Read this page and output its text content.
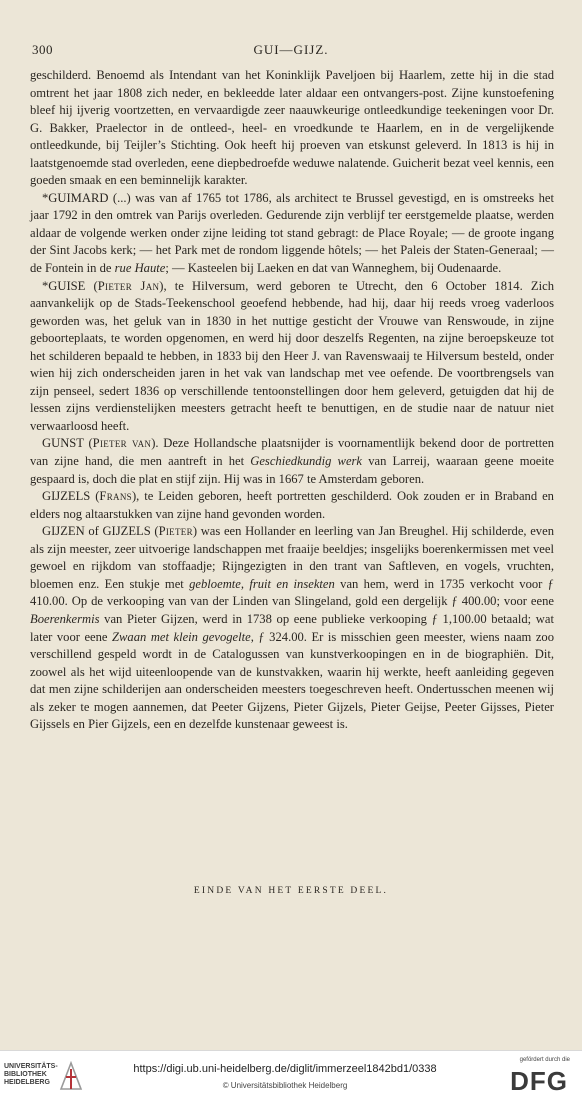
300	GUI—GIJZ.

geschilderd. Benoemd als Intendant van het Koninklijk Paveljoen bij Haarlem, zette hij in die stad omtrent het jaar 1808 zich neder, en bekleedde later aldaar een ontvangers-post. Zijne kunstoefening bleef hij ijverig voortzetten, en vervaardigde zeer naauwkeurige ontleedkundige teekeningen voor Dr. G. Bakker, Praelector in de ontleed-, heel- en vroedkunde te Haarlem, en in de vergelijkende ontleedkunde, bij Teijler’s Stichting. Ook heeft hij proeven van etskunst geleverd. In 1813 is hij in laatstgenoemde stad overleden, eene diepbedroefde weduwe nalatende. Guicherit bezat veel kennis, een goeden smaak en een beminnelijk karakter.

*GUIMARD (...) was van af 1765 tot 1786, als architect te Brussel gevestigd, en is omstreeks het jaar 1792 in den omtrek van Parijs overleden. Gedurende zijn verblijf ter eerstgemelde plaatse, werden aldaar de volgende werken onder zijne leiding tot stand gebragt: de Place Royale; — de groote ingang der Sint Jacobs kerk; — het Park met de rondom liggende hôtels; — het Paleis der Staten-Generaal; — de Fontein in de rue Haute; — Kasteelen bij Laeken en dat van Wanneghem, bij Oudenaarde.

*GUISE (Pieter Jan), te Hilversum, werd geboren te Utrecht, den 6 October 1814. Zich aanvankelijk op de Stads-Teekenschool geoefend hebbende, had hij, daar hij reeds vroeg vaderloos geworden was, het geluk van in 1830 in het nuttige gesticht der Vrouwe van Renswoude, in zijne geboorteplaats, te worden opgenomen, en werd hij door deszelfs Regenten, na zijne beroepskeuze tot het schilderen bepaald te hebben, in 1833 bij den Heer J. van Ravenswaaij te Hilversum besteld, onder wien hij zich onderscheiden jaren in het vak van landschap met vee oefende. De voortbrengsels van zijn penseel, sedert 1836 op verschillende tentoonstellingen door hem geleverd, getuigden dat hij de lessen zijns verdienstelijken meesters getracht heeft te benuttigen, en de studie naar de natuur niet verwaarloosd heeft.

GUNST (Pieter van). Deze Hollandsche plaatsnijder is voornamentlijk bekend door de portretten van zijne hand, die men aantreft in het Geschiedkundig werk van Larreij, waaraan geene moeite gespaard is, doch die plat en stijf zijn. Hij was in 1667 te Amsterdam geboren.

GIJZELS (Frans), te Leiden geboren, heeft portretten geschilderd. Ook zouden er in Braband en elders nog altaarstukken van zijne hand gevonden worden.

GIJZEN of GIJZELS (Pieter) was een Hollander en leerling van Jan Breughel. Hij schilderde, even als zijn meester, zeer uitvoerige landschappen met fraaije beeldjes; insgelijks boerenkermissen met veel gewoel en rijkdom van stoffaadje; Rijngezigten in den trant van Saftleven, en vogels, vruchten, bloemen enz. Een stukje met gebloemte, fruit en insekten van hem, werd in 1735 verkocht voor ƒ 410.00. Op de verkooping van van der Linden van Slingeland, gold een dergelijk ƒ 400.00; voor eene Boerenkermis van Pieter Gijzen, werd in 1738 op eene publieke verkooping ƒ 1,100.00 betaald; wat later voor eene Zwaan met klein gevogelte, ƒ 324.00. Er is misschien geen meester, wiens naam zoo verschillend gespeld wordt in de Catalogussen van kunstverkoopingen en in de biographiën. Dit, zoowel als het wijd uiteenloopende van de kunstvakken, waarin hij werkte, heeft aanleiding gegeven dat men zijne schilderijen aan onderscheiden meesters toegeschreven heeft. Ondertusschen meenen wij als zeker te mogen aannemen, dat Peeter Gijzens, Pieter Gijzels, Pieter Geijse, Peeter Gijsses, Pieter Gijssels en Pier Gijzels, een en dezelfde kunstenaar geweest is.

EINDE VAN HET EERSTE DEEL.
UNIVERSITÄTS-
BIBLIOTHEK
HEIDELBERG
https://digi.ub.uni-heidelberg.de/diglit/immerzeel1842bd1/0338
© Universitätsbibliothek Heidelberg
gefördert durch die
DFG
